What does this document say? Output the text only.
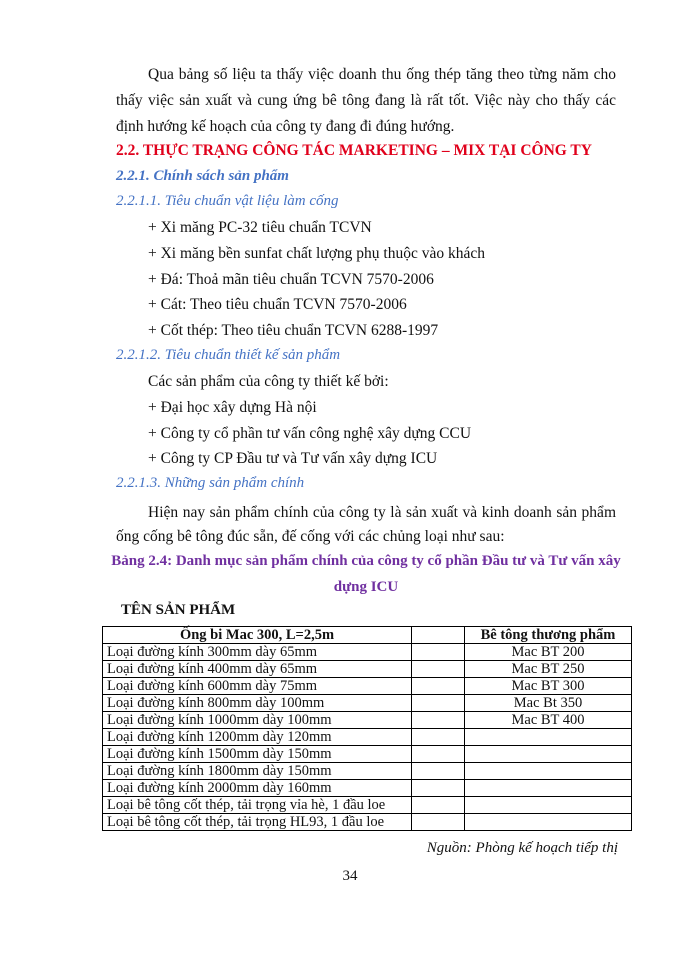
Qua bảng số liệu ta thấy việc doanh thu ống thép tăng theo từng năm cho
thấy việc sản xuất và cung ứng bê tông đang là rất tốt. Việc này cho thấy các
định hướng kế hoạch của công ty đang đi đúng hướng.
2.2. THỰC TRẠNG CÔNG TÁC MARKETING – MIX TẠI CÔNG TY
2.2.1. Chính sách sản phẩm
2.2.1.1. Tiêu chuẩn vật liệu làm cống
+ Xi măng PC-32 tiêu chuẩn TCVN
+ Xi măng bền sunfat chất lượng phụ thuộc vào khách
+ Đá: Thoả mãn tiêu chuẩn TCVN 7570-2006
+ Cát: Theo tiêu chuẩn TCVN 7570-2006
+ Cốt thép: Theo tiêu chuẩn TCVN 6288-1997
2.2.1.2. Tiêu chuẩn thiết kế sản phẩm
Các sản phẩm của công ty thiết kế bởi:
+ Đại học xây dựng Hà nội
+ Công ty cổ phần tư vấn công nghệ xây dựng CCU
+ Công ty CP Đầu tư và Tư vấn xây dựng ICU
2.2.1.3. Những sản phẩm chính
Hiện nay sản phẩm chính của công ty là sản xuất và kinh doanh sản phẩm
ống cống bê tông đúc sẵn, đế cống với các chủng loại như sau:
Bảng 2.4: Danh mục sản phẩm chính của công ty cổ phần Đầu tư và Tư vấn xây
dựng ICU
TÊN SẢN PHẨM
Ống bi Mac 300, L=2,5m		Bê tông thương phẩm
Loại đường kính 300mm dày 65mm		Mac BT 200
Loại đường kính 400mm dày 65mm		Mac BT 250
Loại đường kính 600mm dày 75mm		Mac BT 300
Loại đường kính 800mm dày 100mm		Mac Bt 350
Loại đường kính 1000mm dày 100mm		Mac BT 400
Loại đường kính 1200mm dày 120mm		
Loại đường kính 1500mm dày 150mm		
Loại đường kính 1800mm dày 150mm		
Loại đường kính 2000mm dày 160mm		
Loại bê tông cốt thép, tải trọng vỉa hè, 1 đầu loe		
Loại bê tông cốt thép, tải trọng HL93, 1 đầu loe		
Nguồn: Phòng kế hoạch tiếp thị
34
